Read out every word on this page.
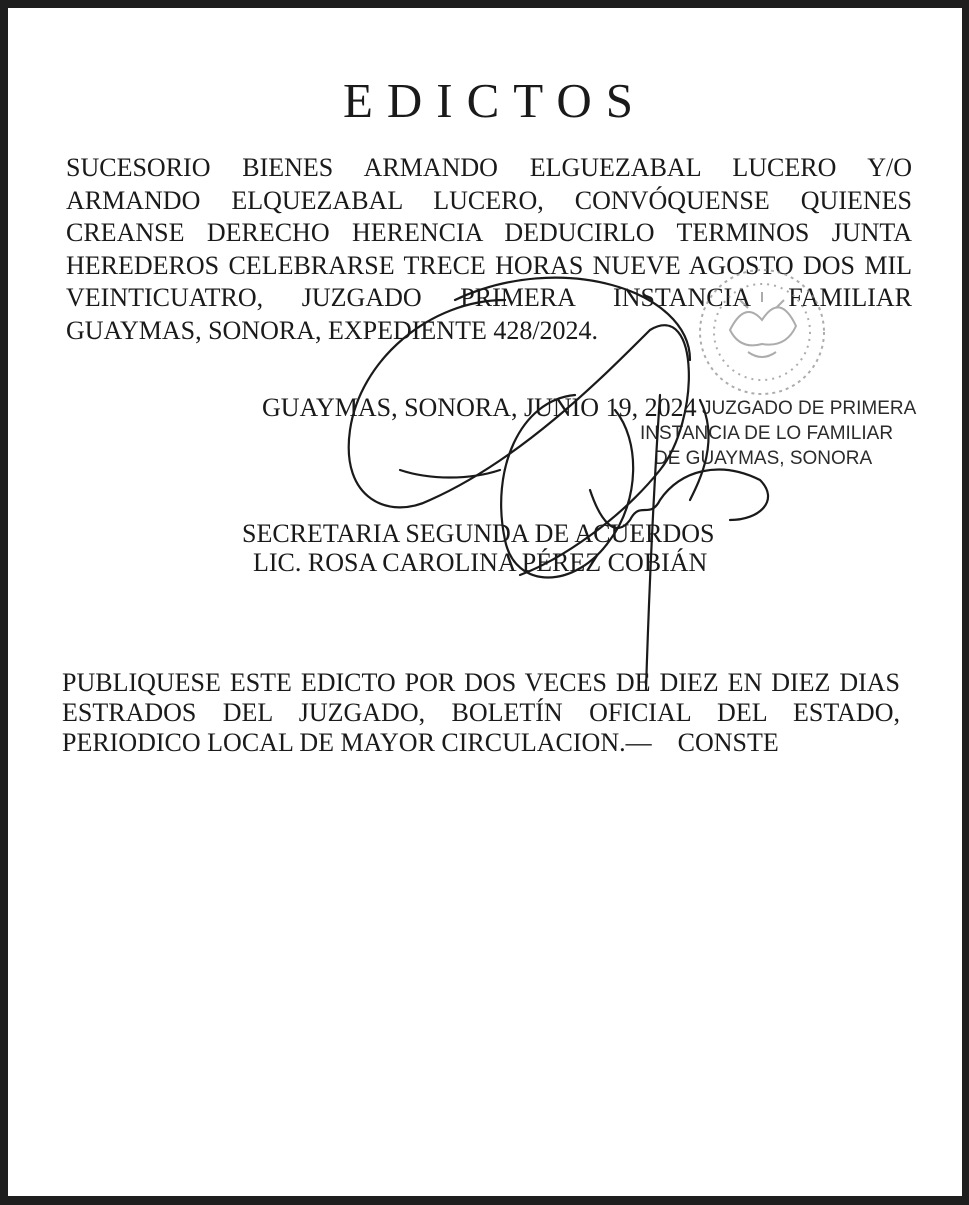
EDICTOS
SUCESORIO BIENES ARMANDO ELGUEZABAL LUCERO Y/O
ARMANDO ELQUEZABAL LUCERO, CONVÓQUENSE QUIENES
CREANSE DERECHO HERENCIA DEDUCIRLO TERMINOS JUNTA
HEREDEROS CELEBRARSE TRECE HORAS NUEVE AGOSTO DOS MIL
VEINTICUATRO, JUZGADO PRIMERA INSTANCIA FAMILIAR
GUAYMAS, SONORA, EXPEDIENTE 428/2024.
GUAYMAS, SONORA, JUNIO 19, 2024 JUZGADO DE PRIMERA
INSTANCIA DE LO FAMILIAR
DE GUAYMAS, SONORA
SECRETARIA SEGUNDA DE ACUERDOS
LIC. ROSA CAROLINA PÉREZ COBIÁN
PUBLIQUESE ESTE EDICTO POR DOS VECES DE DIEZ EN DIEZ DIAS
ESTRADOS DEL JUZGADO, BOLETÍN OFICIAL DEL ESTADO,
PERIODICO LOCAL DE MAYOR CIRCULACION.—    CONSTE
